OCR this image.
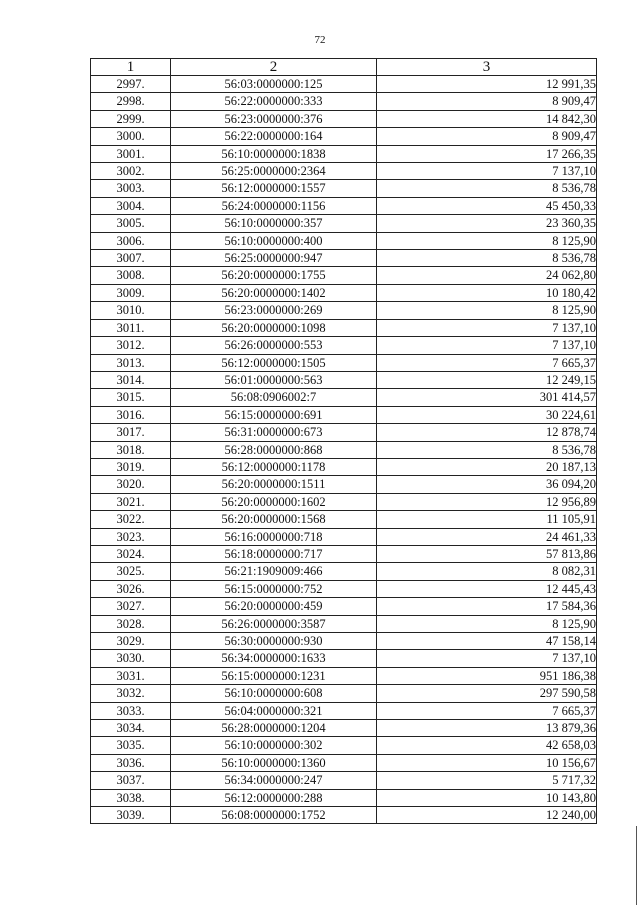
72
1	2	3
2997.	56:03:0000000:125	12 991,35
2998.	56:22:0000000:333	8 909,47
2999.	56:23:0000000:376	14 842,30
3000.	56:22:0000000:164	8 909,47
3001.	56:10:0000000:1838	17 266,35
3002.	56:25:0000000:2364	7 137,10
3003.	56:12:0000000:1557	8 536,78
3004.	56:24:0000000:1156	45 450,33
3005.	56:10:0000000:357	23 360,35
3006.	56:10:0000000:400	8 125,90
3007.	56:25:0000000:947	8 536,78
3008.	56:20:0000000:1755	24 062,80
3009.	56:20:0000000:1402	10 180,42
3010.	56:23:0000000:269	8 125,90
3011.	56:20:0000000:1098	7 137,10
3012.	56:26:0000000:553	7 137,10
3013.	56:12:0000000:1505	7 665,37
3014.	56:01:0000000:563	12 249,15
3015.	56:08:0906002:7	301 414,57
3016.	56:15:0000000:691	30 224,61
3017.	56:31:0000000:673	12 878,74
3018.	56:28:0000000:868	8 536,78
3019.	56:12:0000000:1178	20 187,13
3020.	56:20:0000000:1511	36 094,20
3021.	56:20:0000000:1602	12 956,89
3022.	56:20:0000000:1568	11 105,91
3023.	56:16:0000000:718	24 461,33
3024.	56:18:0000000:717	57 813,86
3025.	56:21:1909009:466	8 082,31
3026.	56:15:0000000:752	12 445,43
3027.	56:20:0000000:459	17 584,36
3028.	56:26:0000000:3587	8 125,90
3029.	56:30:0000000:930	47 158,14
3030.	56:34:0000000:1633	7 137,10
3031.	56:15:0000000:1231	951 186,38
3032.	56:10:0000000:608	297 590,58
3033.	56:04:0000000:321	7 665,37
3034.	56:28:0000000:1204	13 879,36
3035.	56:10:0000000:302	42 658,03
3036.	56:10:0000000:1360	10 156,67
3037.	56:34:0000000:247	5 717,32
3038.	56:12:0000000:288	10 143,80
3039.	56:08:0000000:1752	12 240,00
